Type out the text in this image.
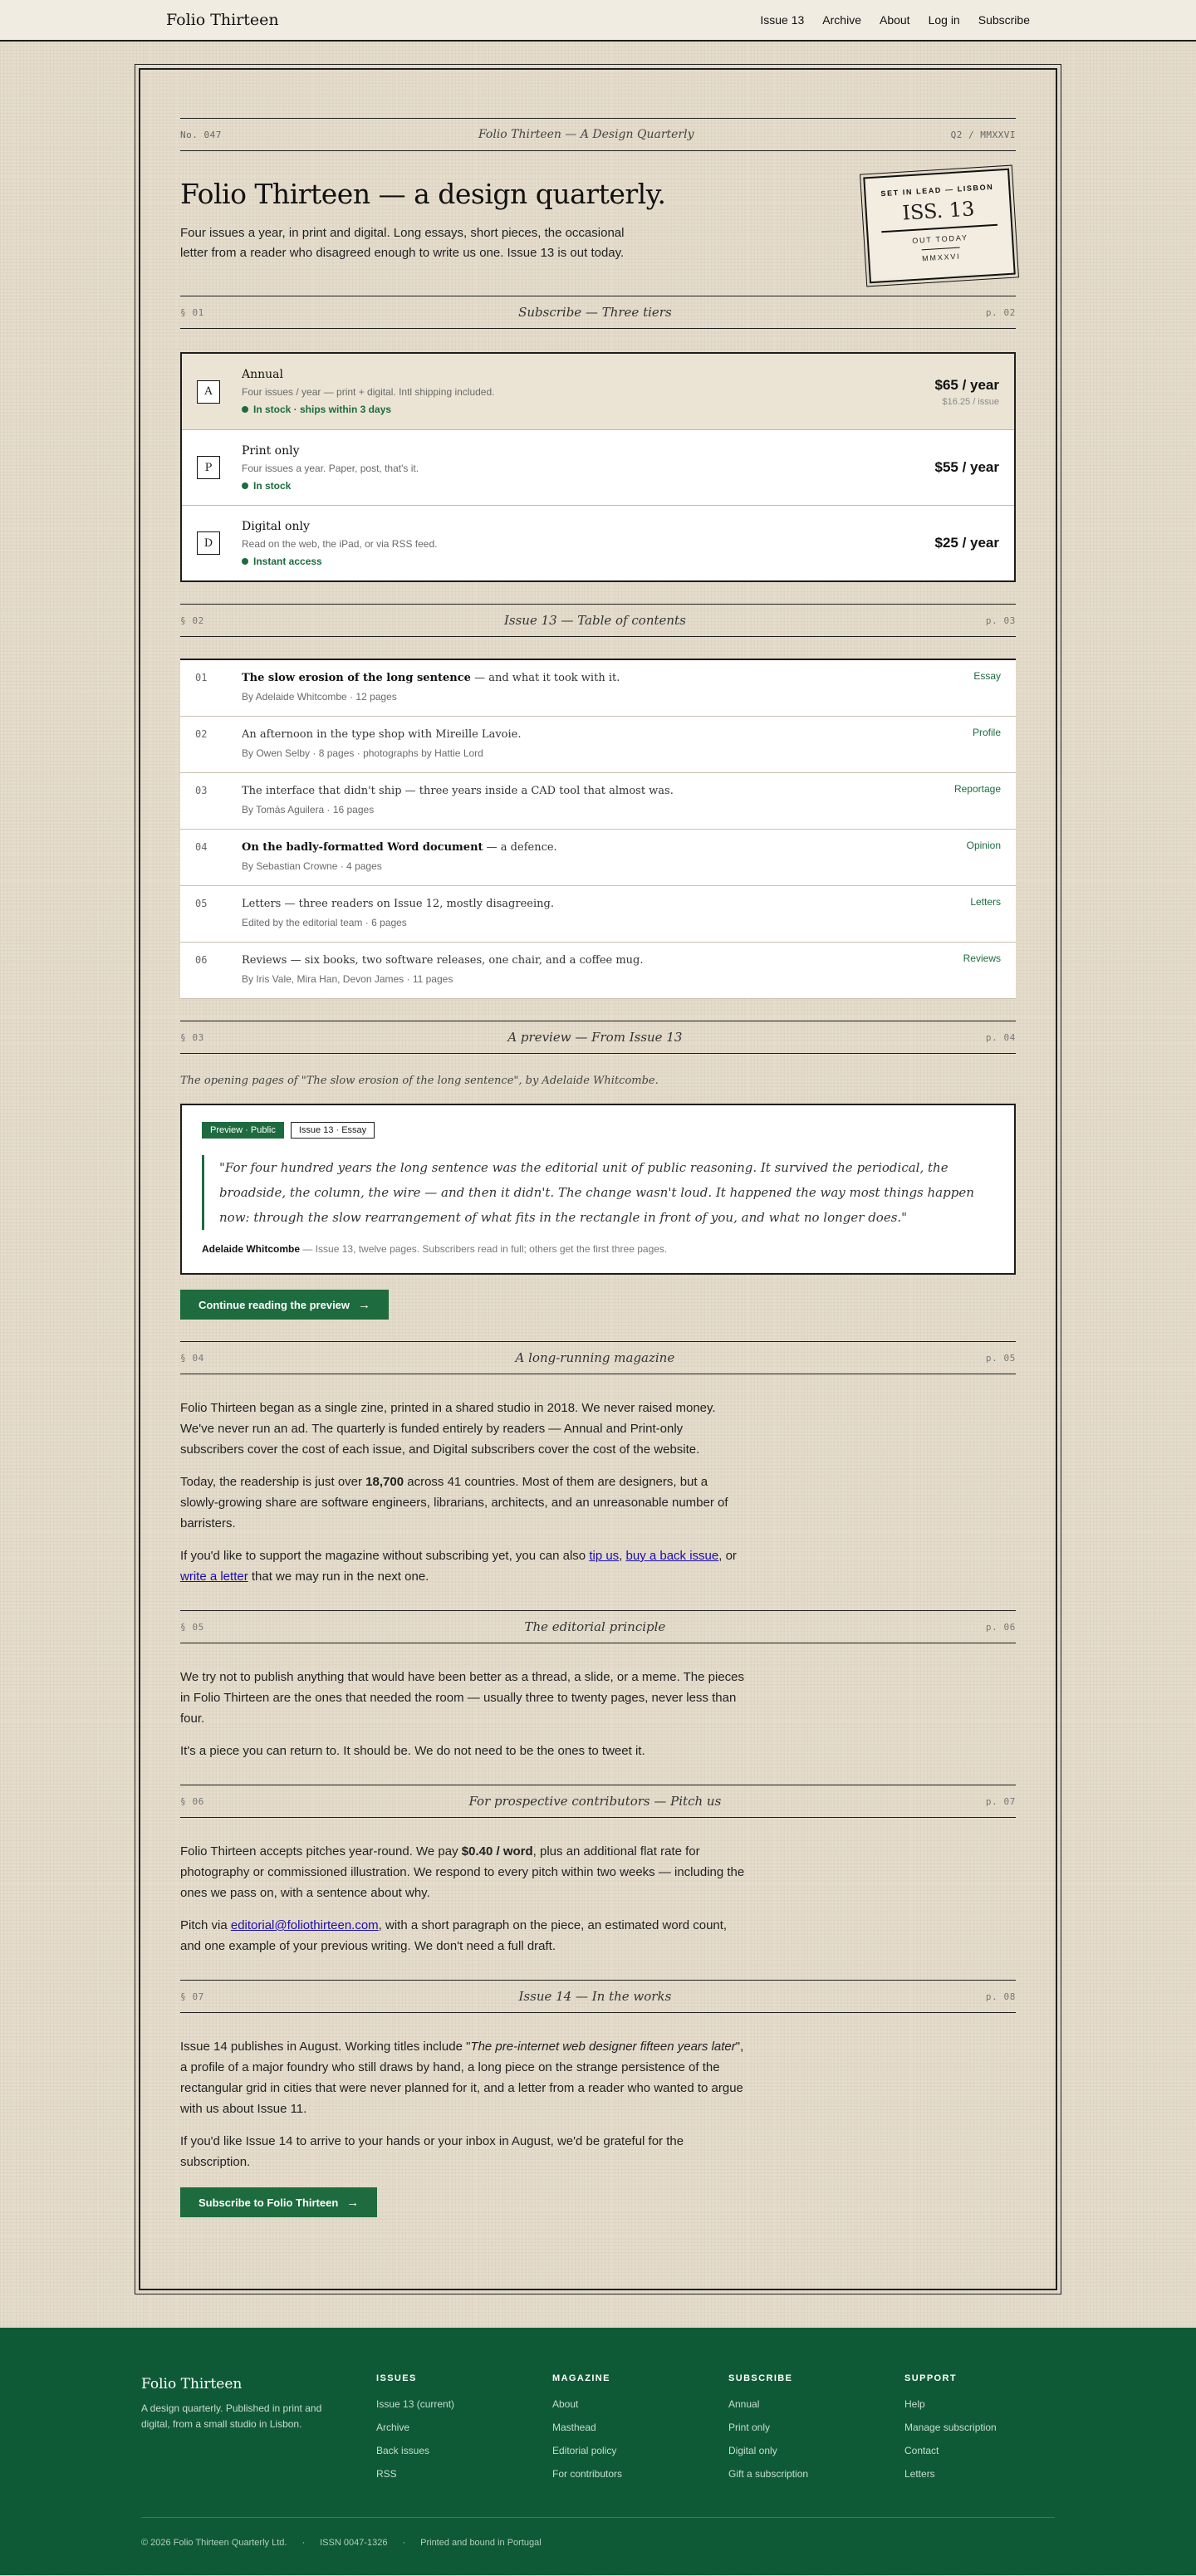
Folio Thirteen	Issue 13 Archive About Log in Subscribe
No. 047	Folio Thirteen — A Design Quarterly	Q2 / MMXXVI
Folio Thirteen — a design quarterly.

Four issues a year, in print and digital. Long essays, short pieces, the occasional letter from a reader who disagreed enough to write us one. Issue 13 is out today.

SET IN LEAD — LISBON
ISS. 13
OUT TODAY
MMXXVI
§ 01	Subscribe — Three tiers	p. 02
A
Annual
Four issues / year — print + digital. Intl shipping included.
In stock · ships within 3 days
$65 / year
$16.25 / issue
P
Print only
Four issues a year. Paper, post, that's it.
In stock
$55 / year
D
Digital only
Read on the web, the iPad, or via RSS feed.
Instant access
$25 / year
§ 02	Issue 13 — Table of contents	p. 03
01	The slow erosion of the long sentence — and what it took with it.
By Adelaide Whitcombe · 12 pages
Essay
02	An afternoon in the type shop with Mireille Lavoie.
By Owen Selby · 8 pages · photographs by Hattie Lord
Profile
03	The interface that didn't ship — three years inside a CAD tool that almost was.
By Tomás Aguilera · 16 pages
Reportage
04	On the badly-formatted Word document — a defence.
By Sebastian Crowne · 4 pages
Opinion
05	Letters — three readers on Issue 12, mostly disagreeing.
Edited by the editorial team · 6 pages
Letters
06	Reviews — six books, two software releases, one chair, and a coffee mug.
By Iris Vale, Mira Han, Devon James · 11 pages
Reviews
§ 03	A preview — From Issue 13	p. 04
The opening pages of "The slow erosion of the long sentence", by Adelaide Whitcombe.
Preview · Public	Issue 13 · Essay
"For four hundred years the long sentence was the editorial unit of public reasoning. It survived the periodical, the broadside, the column, the wire — and then it didn't. The change wasn't loud. It happened the way most things happen now: through the slow rearrangement of what fits in the rectangle in front of you, and what no longer does."
Adelaide Whitcombe — Issue 13, twelve pages. Subscribers read in full; others get the first three pages.
Continue reading the preview →
§ 04	A long-running magazine	p. 05

Folio Thirteen began as a single zine, printed in a shared studio in 2018. We never raised money. We've never run an ad. The quarterly is funded entirely by readers — Annual and Print-only subscribers cover the cost of each issue, and Digital subscribers cover the cost of the website.

Today, the readership is just over 18,700 across 41 countries. Most of them are designers, but a slowly-growing share are software engineers, librarians, architects, and an unreasonable number of barristers.

If you'd like to support the magazine without subscribing yet, you can also tip us, buy a back issue, or write a letter that we may run in the next one.

§ 05	The editorial principle	p. 06

We try not to publish anything that would have been better as a thread, a slide, or a meme. The pieces in Folio Thirteen are the ones that needed the room — usually three to twenty pages, never less than four.

It's a piece you can return to. It should be. We do not need to be the ones to tweet it.

§ 06	For prospective contributors — Pitch us	p. 07

Folio Thirteen accepts pitches year-round. We pay $0.40 / word, plus an additional flat rate for photography or commissioned illustration. We respond to every pitch within two weeks — including the ones we pass on, with a sentence about why.

Pitch via editorial@foliothirteen.com, with a short paragraph on the piece, an estimated word count, and one example of your previous writing. We don't need a full draft.

§ 07	Issue 14 — In the works	p. 08

Issue 14 publishes in August. Working titles include "The pre-internet web designer fifteen years later", a profile of a major foundry who still draws by hand, a long piece on the strange persistence of the rectangular grid in cities that were never planned for it, and a letter from a reader who wanted to argue with us about Issue 11.

If you'd like Issue 14 to arrive to your hands or your inbox in August, we'd be grateful for the subscription.

Subscribe to Folio Thirteen →
Folio Thirteen
A design quarterly. Published in print and digital, from a small studio in Lisbon.
ISSUES
Issue 13 (current)
Archive
Back issues
RSS
MAGAZINE
About
Masthead
Editorial policy
For contributors
SUBSCRIBE
Annual
Print only
Digital only
Gift a subscription
SUPPORT
Help
Manage subscription
Contact
Letters
© 2026 Folio Thirteen Quarterly Ltd. · ISSN 0047-1326 · Printed and bound in Portugal
